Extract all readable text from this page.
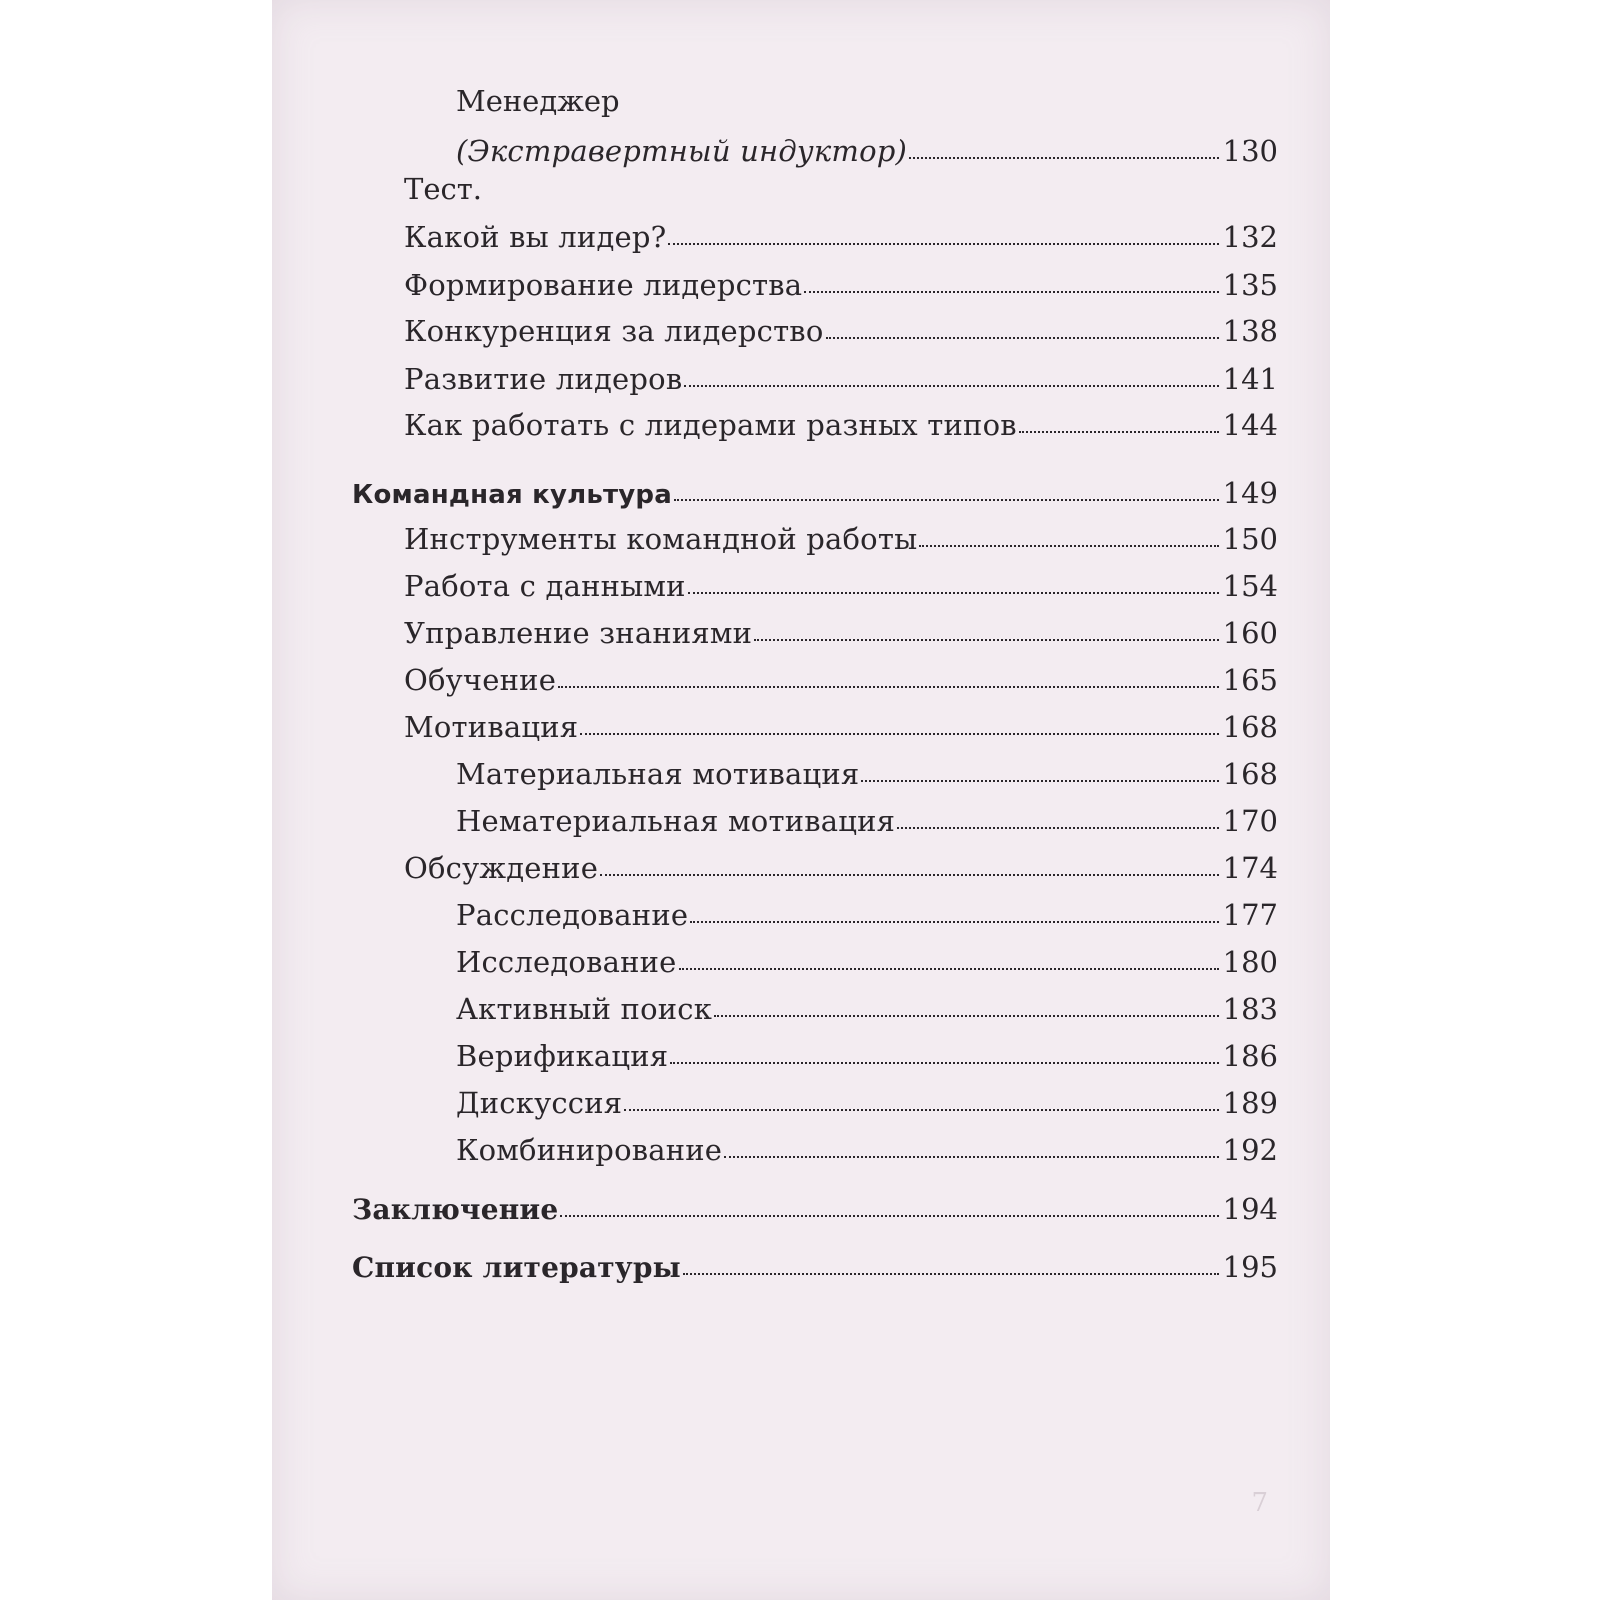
Менеджер
(Экстравертный индуктор)	130
Тест.
Какой вы лидер?	132
Формирование лидерства	135
Конкуренция за лидерство	138
Развитие лидеров	141
Как работать с лидерами разных типов	144
Командная культура	149
Инструменты командной работы	150
Работа с данными	154
Управление знаниями	160
Обучение	165
Мотивация	168
Материальная мотивация	168
Нематериальная мотивация	170
Обсуждение	174
Расследование	177
Исследование	180
Активный поиск	183
Верификация	186
Дискуссия	189
Комбинирование	192
Заключение	194
Список литературы	195
7
